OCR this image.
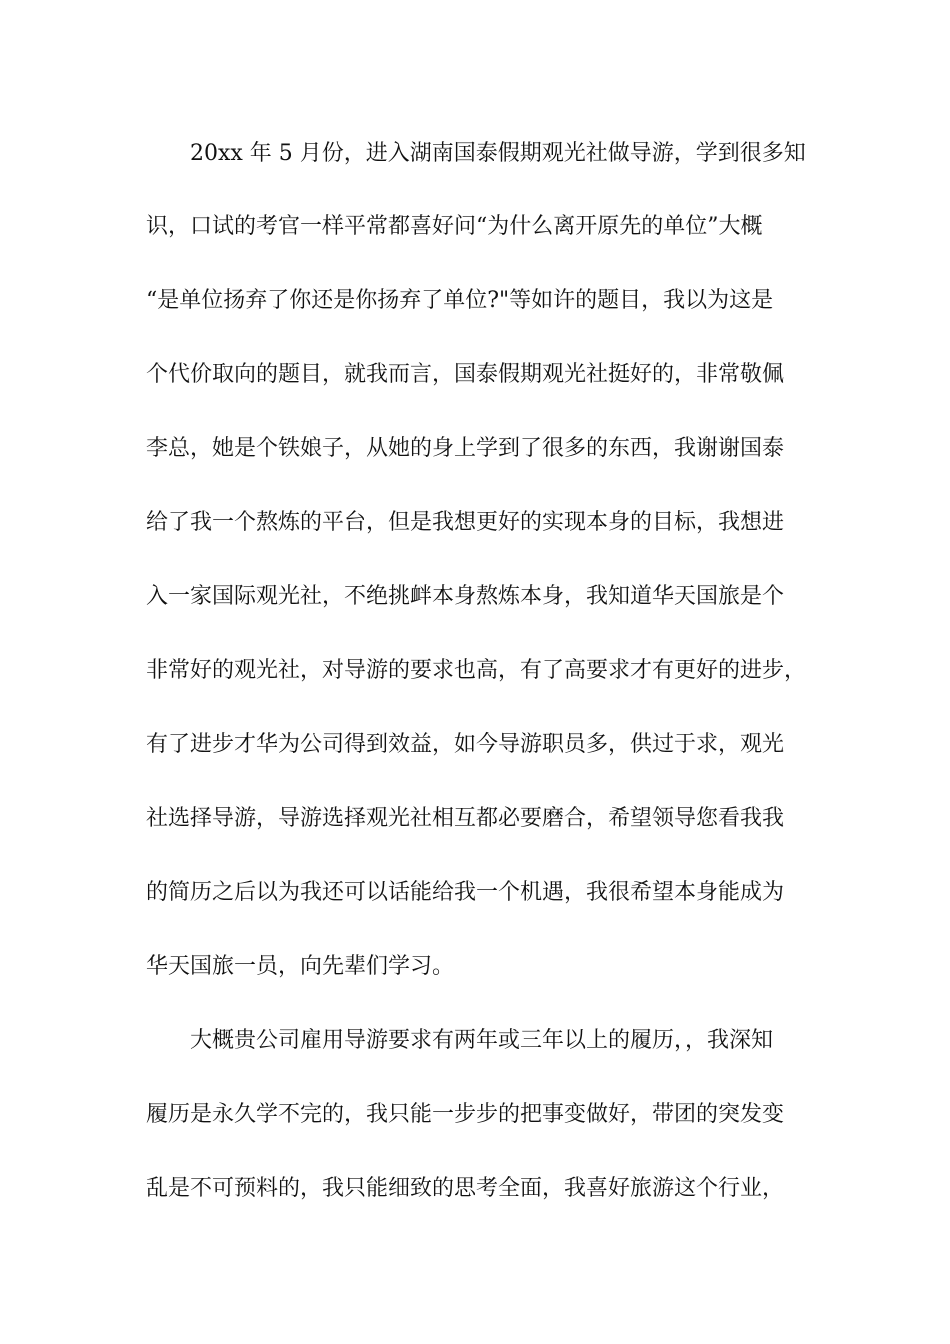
20xx 年 5 月份，进入湖南国泰假期观光社做导游，学到很多知
识，口试的考官一样平常都喜好问“为什么离开原先的单位”大概
“是单位扬弃了你还是你扬弃了单位?"等如许的题目，我以为这是
个代价取向的题目，就我而言，国泰假期观光社挺好的，非常敬佩
李总，她是个铁娘子，从她的身上学到了很多的东西，我谢谢国泰
给了我一个熬炼的平台，但是我想更好的实现本身的目标，我想进
入一家国际观光社，不绝挑衅本身熬炼本身，我知道华天国旅是个
非常好的观光社，对导游的要求也高，有了高要求才有更好的进步，
有了进步才华为公司得到效益，如今导游职员多，供过于求，观光
社选择导游，导游选择观光社相互都必要磨合，希望领导您看我我
的简历之后以为我还可以话能给我一个机遇，我很希望本身能成为
华天国旅一员，向先辈们学习。
大概贵公司雇用导游要求有两年或三年以上的履历，，我深知
履历是永久学不完的，我只能一步步的把事变做好，带团的突发变
乱是不可预料的，我只能细致的思考全面，我喜好旅游这个行业，
